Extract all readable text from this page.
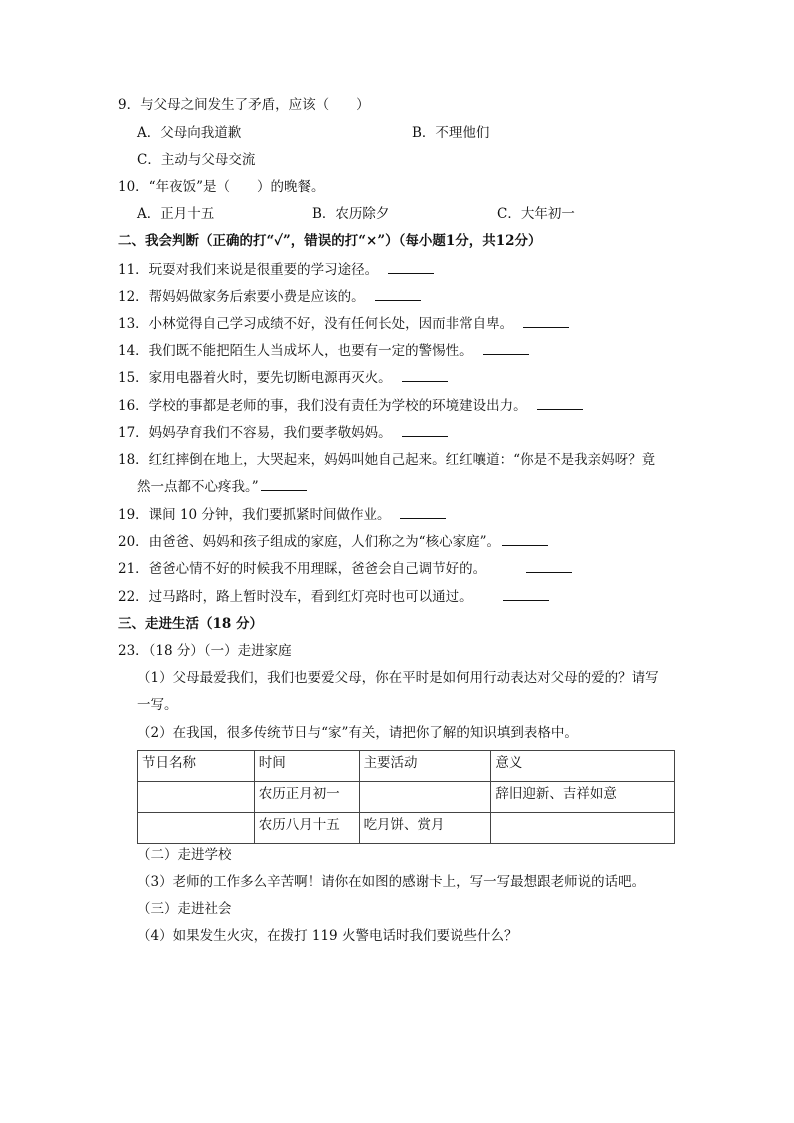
9．与父母之间发生了矛盾，应该（　　）
A．父母向我道歉	B．不理他们
C．主动与父母交流
10．“年夜饭”是（　　）的晚餐。
A．正月十五	B．农历除夕	C．大年初一
二、我会判断（正确的打“✓”，错误的打“×”）（每小题1分，共12分）
11．玩耍对我们来说是很重要的学习途径。
12．帮妈妈做家务后索要小费是应该的。
13．小林觉得自己学习成绩不好，没有任何长处，因而非常自卑。
14．我们既不能把陌生人当成坏人，也要有一定的警惕性。
15．家用电器着火时，要先切断电源再灭火。
16．学校的事都是老师的事，我们没有责任为学校的环境建设出力。
17．妈妈孕育我们不容易，我们要孝敬妈妈。
18．红红摔倒在地上，大哭起来，妈妈叫她自己起来。红红嚷道：“你是不是我亲妈呀？竟
然一点都不心疼我。”
19．课间 10 分钟，我们要抓紧时间做作业。
20．由爸爸、妈妈和孩子组成的家庭，人们称之为“核心家庭”。
21．爸爸心情不好的时候我不用理睬，爸爸会自己调节好的。
22．过马路时，路上暂时没车，看到红灯亮时也可以通过。
三、走进生活（18 分）
23．（18 分）（一）走进家庭
（1）父母最爱我们，我们也要爱父母，你在平时是如何用行动表达对父母的爱的？请写
一写。
（2）在我国，很多传统节日与“家”有关，请把你了解的知识填到表格中。
节日名称	时间	主要活动	意义
	农历正月初一		辞旧迎新、吉祥如意
	农历八月十五	吃月饼、赏月	
（二）走进学校
（3）老师的工作多么辛苦啊！请你在如图的感谢卡上，写一写最想跟老师说的话吧。
（三）走进社会
（4）如果发生火灾，在拨打 119 火警电话时我们要说些什么？
